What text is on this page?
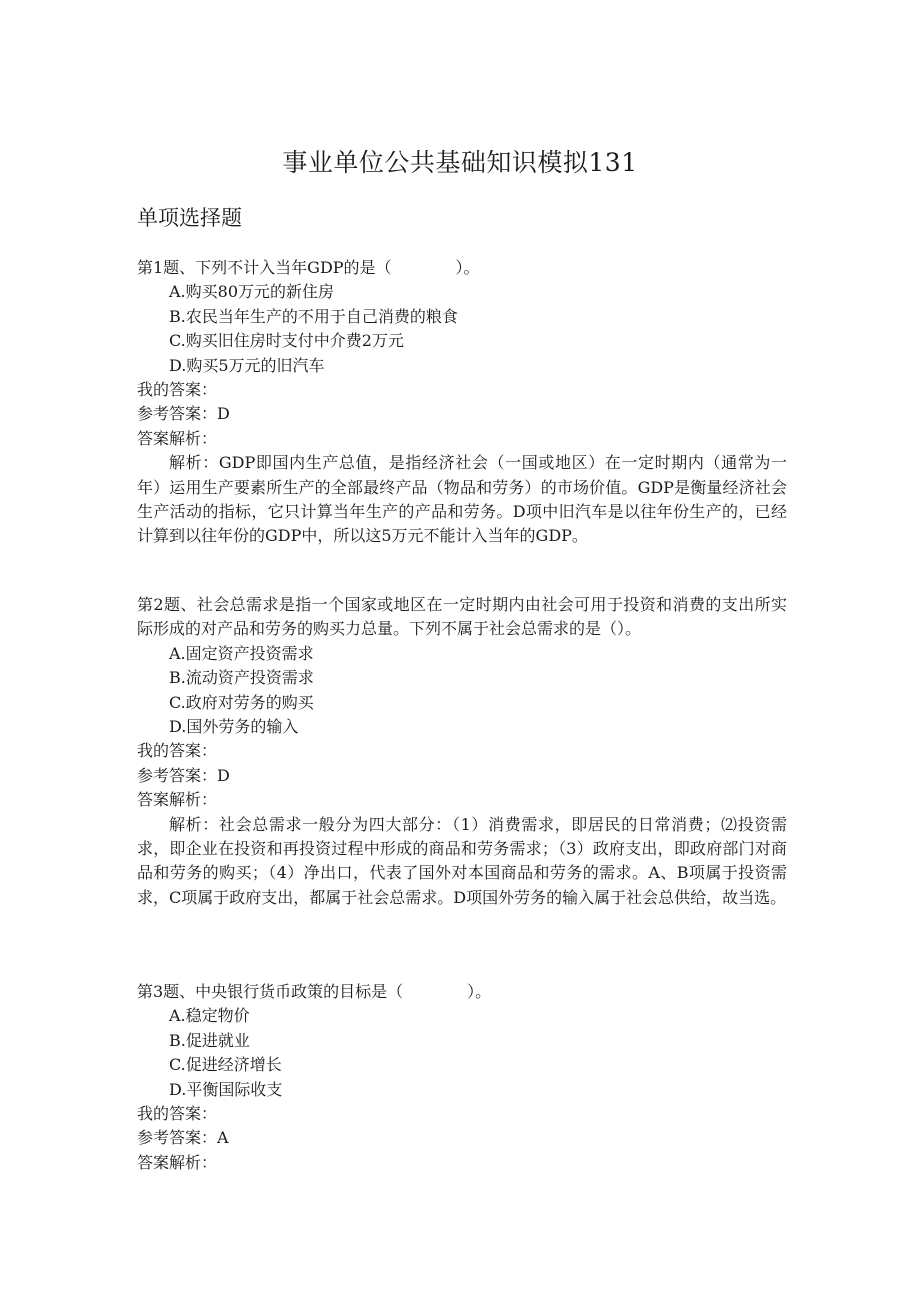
事业单位公共基础知识模拟131
单项选择题
第1题、下列不计入当年GDP的是（　　　　）。
A.购买80万元的新住房
B.农民当年生产的不用于自己消费的粮食
C.购买旧住房时支付中介费2万元
D.购买5万元的旧汽车
我的答案：
参考答案：D
答案解析：
解析：GDP即国内生产总值，是指经济社会（一国或地区）在一定时期内（通常为一年）运用生产要素所生产的全部最终产品（物品和劳务）的市场价值。GDP是衡量经济社会生产活动的指标，它只计算当年生产的产品和劳务。D项中旧汽车是以往年份生产的，已经计算到以往年份的GDP中，所以这5万元不能计入当年的GDP。
第2题、社会总需求是指一个国家或地区在一定时期内由社会可用于投资和消费的支出所实际形成的对产品和劳务的购买力总量。下列不属于社会总需求的是（）。
A.固定资产投资需求
B.流动资产投资需求
C.政府对劳务的购买
D.国外劳务的输入
我的答案：
参考答案：D
答案解析：
解析：社会总需求一般分为四大部分：（1）消费需求，即居民的日常消费；⑵投资需求，即企业在投资和再投资过程中形成的商品和劳务需求；（3）政府支出，即政府部门对商品和劳务的购买；（4）净出口，代表了国外对本国商品和劳务的需求。A、B项属于投资需求，C项属于政府支出，都属于社会总需求。D项国外劳务的输入属于社会总供给，故当选。
第3题、中央银行货币政策的目标是（　　　　）。
A.稳定物价
B.促进就业
C.促进经济增长
D.平衡国际收支
我的答案：
参考答案：A
答案解析：
